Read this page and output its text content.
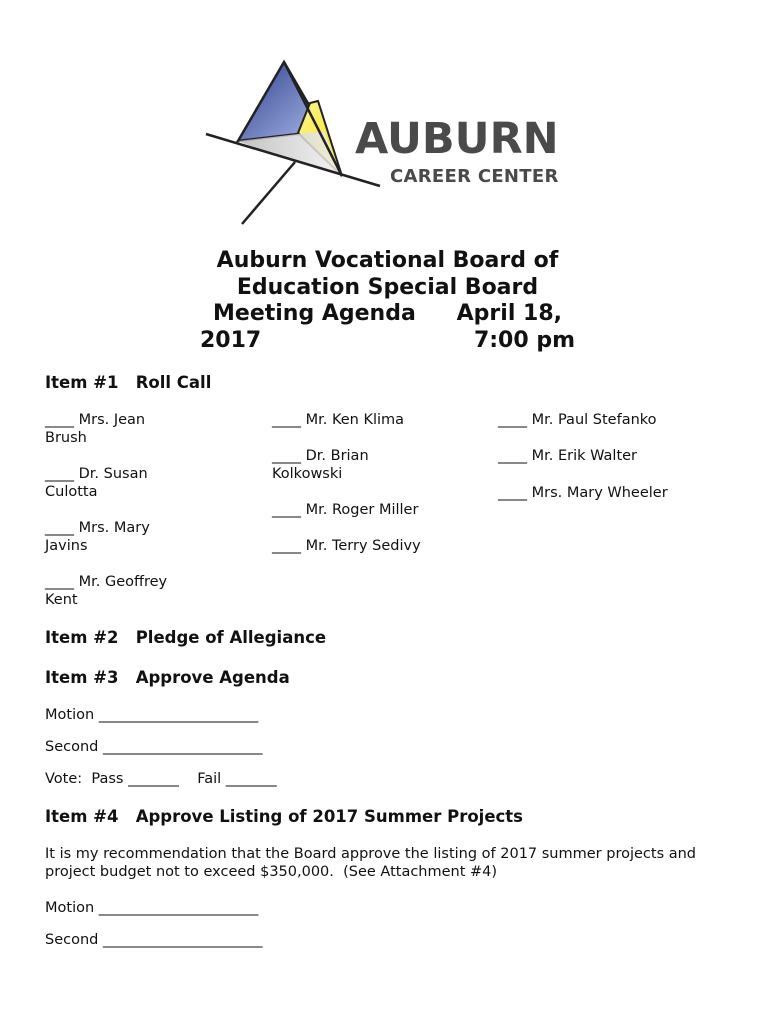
AUBURN
CAREER CENTER
Auburn Vocational Board of
Education Special Board
Meeting Agenda April 18,
2017	7:00 pm
Item #1   Roll Call
____ Mrs. Jean
Brush
____ Dr. Susan
Culotta
____ Mrs. Mary
Javins
____ Mr. Geoffrey
Kent
____ Mr. Ken Klima
____ Dr. Brian
Kolkowski
____ Mr. Roger Miller
____ Mr. Terry Sedivy
____ Mr. Paul Stefanko
____ Mr. Erik Walter
____ Mrs. Mary Wheeler
Item #2   Pledge of Allegiance
Item #3   Approve Agenda
Motion ______________________
Second ______________________
Vote:  Pass _______    Fail _______
Item #4   Approve Listing of 2017 Summer Projects
It is my recommendation that the Board approve the listing of 2017 summer projects and
project budget not to exceed $350,000.  (See Attachment #4)
Motion ______________________
Second ______________________
